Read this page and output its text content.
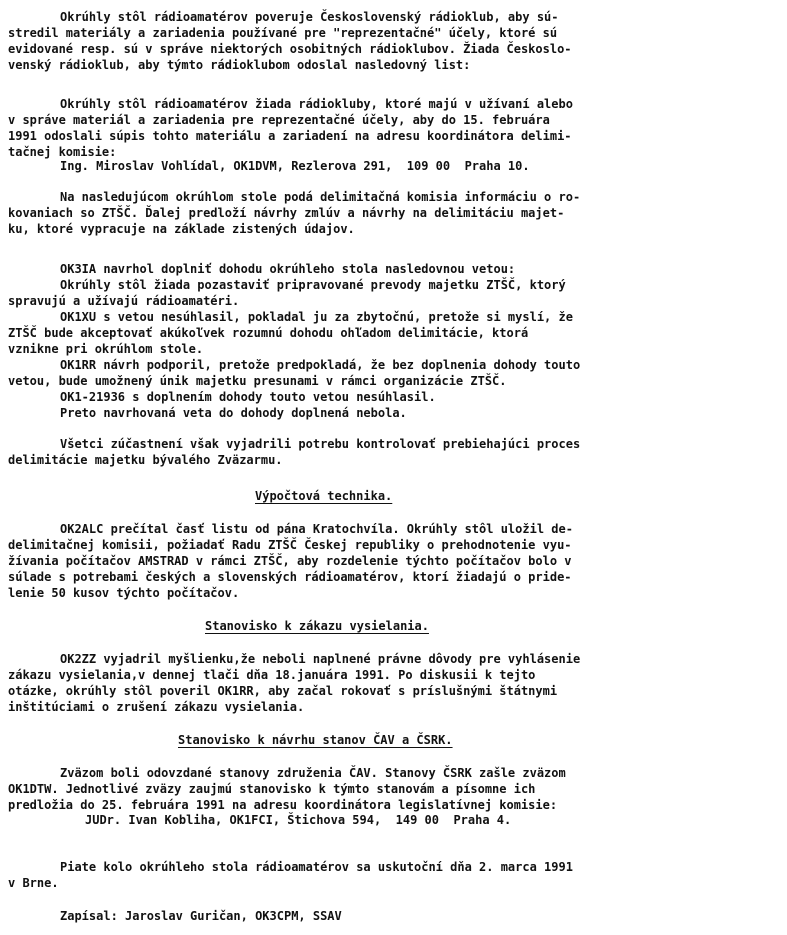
Okrúhly stôl rádioamatérov poveruje Československý rádioklub, aby sú-
stredil materiály a zariadenia používané pre "reprezentačné" účely, ktoré sú
evidované resp. sú v správe niektorých osobitných rádioklubov. Žiada Českoslo-
venský rádioklub, aby týmto rádioklubom odoslal nasledovný list:
Okrúhly stôl rádioamatérov žiada rádiokluby, ktoré majú v užívaní alebo
v správe materiál a zariadenia pre reprezentačné účely, aby do 15. februára
1991 odoslali súpis tohto materiálu a zariadení na adresu koordinátora delimi-
tačnej komisie:
Ing. Miroslav Vohlídal, OK1DVM, Rezlerova 291,  109 00  Praha 10.
Na nasledujúcom okrúhlom stole podá delimitačná komisia informáciu o ro-
kovaniach so ZTŠČ. Ďalej predloží návrhy zmlúv a návrhy na delimitáciu majet-
ku, ktoré vypracuje na základe zistených údajov.
OK3IA navrhol doplniť dohodu okrúhleho stola nasledovnou vetou:
Okrúhly stôl žiada pozastaviť pripravované prevody majetku ZTŠČ, ktorý
spravujú a užívajú rádioamatéri.
OK1XU s vetou nesúhlasil, pokladal ju za zbytočnú, pretože si myslí, že
ZTŠČ bude akceptovať akúkoľvek rozumnú dohodu ohľadom delimitácie, ktorá
vznikne pri okrúhlom stole.
OK1RR návrh podporil, pretože predpokladá, že bez doplnenia dohody touto
vetou, bude umožnený únik majetku presunami v rámci organizácie ZTŠČ.
OK1-21936 s doplnením dohody touto vetou nesúhlasil.
Preto navrhovaná veta do dohody doplnená nebola.
Všetci zúčastnení však vyjadrili potrebu kontrolovať prebiehajúci proces
delimitácie majetku bývalého Zväzarmu.
Výpočtová technika.
OK2ALC prečítal časť listu od pána Kratochvíla. Okrúhly stôl uložil de-
delimitačnej komisii, požiadať Radu ZTŠČ Českej republiky o prehodnotenie vyu-
žívania počítačov AMSTRAD v rámci ZTŠČ, aby rozdelenie týchto počítačov bolo v
súlade s potrebami českých a slovenských rádioamatérov, ktorí žiadajú o pride-
lenie 50 kusov týchto počítačov.
Stanovisko k zákazu vysielania.
OK2ZZ vyjadril myšlienku,že neboli naplnené právne dôvody pre vyhlásenie
zákazu vysielania,v dennej tlači dňa 18.januára 1991. Po diskusii k tejto
otázke, okrúhly stôl poveril OK1RR, aby začal rokovať s príslušnými štátnymi
inštitúciami o zrušení zákazu vysielania.
Stanovisko k návrhu stanov ČAV a ČSRK.
Zväzom boli odovzdané stanovy združenia ČAV. Stanovy ČSRK zašle zväzom
OK1DTW. Jednotlivé zväzy zaujmú stanovisko k týmto stanovám a písomne ich
predložia do 25. februára 1991 na adresu koordinátora legislatívnej komisie:
JUDr. Ivan Kobliha, OK1FCI, Štichova 594,  149 00  Praha 4.
Piate kolo okrúhleho stola rádioamatérov sa uskutoční dňa 2. marca 1991
v Brne.
Zapísal: Jaroslav Guričan, OK3CPM, SSAV
